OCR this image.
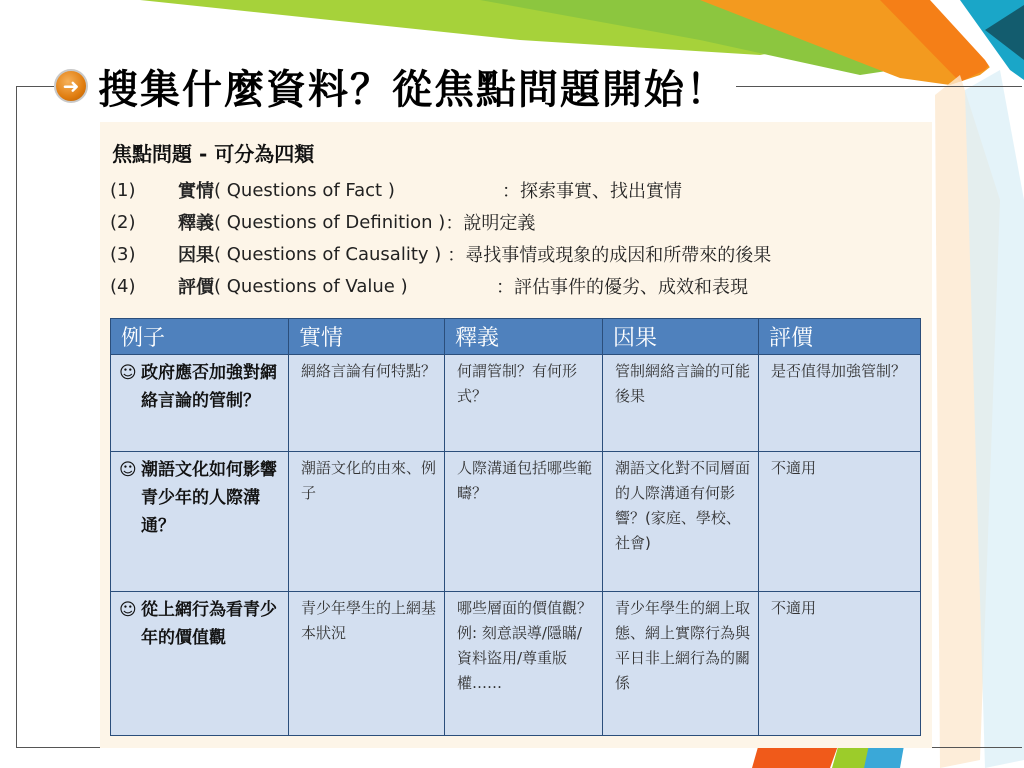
➜ 搜集什麼資料？從焦點問題開始！
焦點問題 - 可分為四類
(1)	實情 ( Questions of Fact )	：探索事實、找出實情
(2)	釋義 ( Questions of Definition ) ：說明定義
(3)	因果 ( Questions of Causality ) ：尋找事情或現象的成因和所帶來的後果
(4)	評價 ( Questions of Value )	：評估事件的優劣、成效和表現
例子	實情	釋義	因果	評價

☺ 政府應否加強對網絡言論的管制？	網絡言論有何特點？	何謂管制？有何形式？	管制網絡言論的可能後果	是否值得加強管制？

☺ 潮語文化如何影響青少年的人際溝通？	潮語文化的由來、例子	人際溝通包括哪些範疇？	潮語文化對不同層面的人際溝通有何影響？(家庭、學校、社會)	不適用

☺ 從上網行為看青少年的價值觀	青少年學生的上網基本狀況	哪些層面的價值觀？例: 刻意誤導/隱瞞/資料盜用/尊重版權……	青少年學生的網上取態、網上實際行為與平日非上網行為的關係	不適用
